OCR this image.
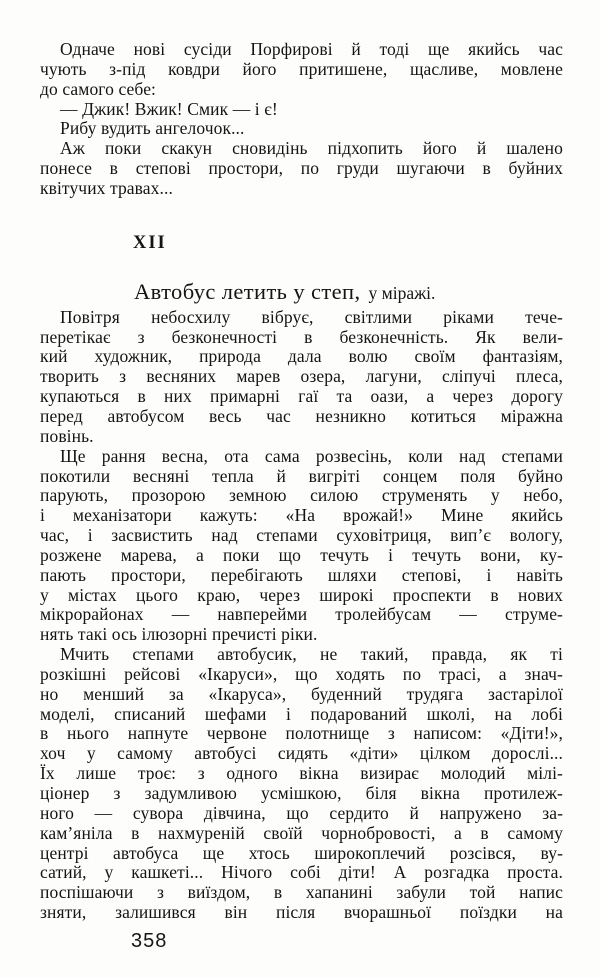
Одначе нові сусіди Порфирові й тоді ще якийсь час
чують з-під ковдри його притишене, щасливе, мовлене
до самого себе:
— Джик! Вжик! Смик — і є!
Рибу вудить ангелочок...
Аж поки скакун сновидінь підхопить його й шалено
понесе в степові простори, по груди шугаючи в буйних
квітучих травах...
XII
Автобус летить у степ, у міражі.
Повітря небосхилу вібрує, світлими ріками тече-
перетікає з безконечності в безконечність. Як вели-
кий художник, природа дала волю своїм фантазіям,
творить з весняних марев озера, лагуни, сліпучі плеса,
купаються в них примарні гаї та оази, а через дорогу
перед автобусом весь час незникно котиться міражна
повінь.
Ще рання весна, ота сама розвесінь, коли над степами
покотили весняні тепла й вигріті сонцем поля буйно
парують, прозорою земною силою струменять у небо,
і механізатори кажуть: «На врожай!» Мине якийсь
час, і засвистить над степами суховітриця, вип’є вологу,
розжене марева, а поки що течуть і течуть вони, ку-
пають простори, перебігають шляхи степові, і навіть
у містах цього краю, через широкі проспекти в нових
мікрорайонах — навперейми тролейбусам — струме-
нять такі ось ілюзорні пречисті ріки.
Мчить степами автобусик, не такий, правда, як ті
розкішні рейсові «Ікаруси», що ходять по трасі, а знач-
но менший за «Ікаруса», буденний трудяга застарілої
моделі, списаний шефами і подарований школі, на лобі
в нього напнуте червоне полотнище з написом: «Діти!»,
хоч у самому автобусі сидять «діти» цілком дорослі...
Їх лише троє: з одного вікна визирає молодий мілі-
ціонер з задумливою усмішкою, біля вікна протилеж-
ного — сувора дівчина, що сердито й напружено за-
кам’яніла в нахмуреній своїй чорнобровості, а в самому
центрі автобуса ще хтось широкоплечий розсівся, ву-
сатий, у кашкеті... Нічого собі діти! А розгадка проста.
поспішаючи з виїздом, в хапанині забули той напис
зняти, залишився він після вчорашньої поїздки на
358
